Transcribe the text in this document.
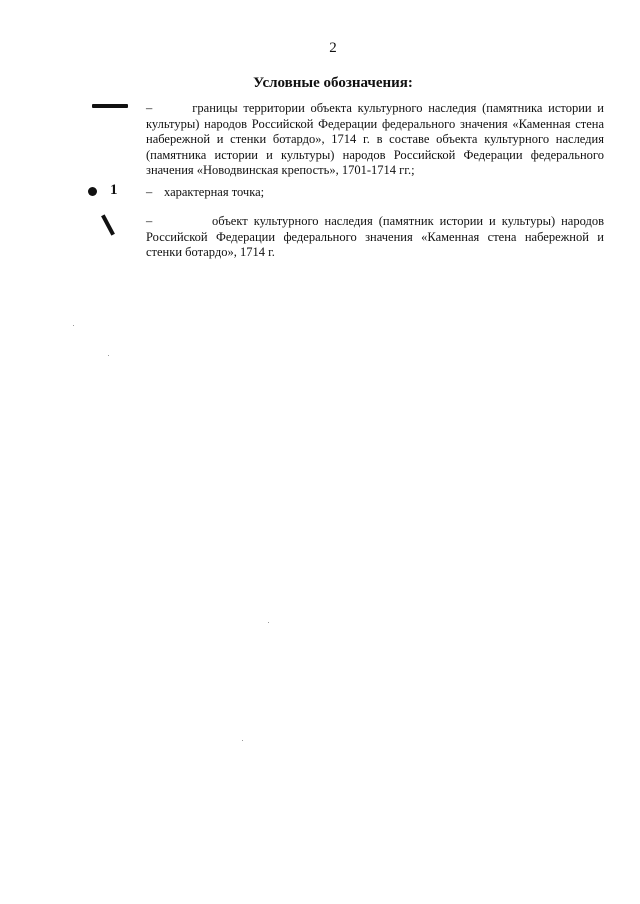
2
Условные обозначения:
–	границы территории объекта культурного наследия (памятника истории и культуры) народов Российской Федерации федерального значения «Каменная стена набережной и стенки ботардо», 1714 г. в составе объекта культурного наследия (памятника истории и культуры) народов Российской Федерации федерального значения «Новодвинская крепость», 1701-1714 гг.;
1 – характерная точка;
–	объект культурного наследия (памятник истории и культуры) народов Российской Федерации федерального значения «Каменная стена набережной и стенки ботардо», 1714 г.
